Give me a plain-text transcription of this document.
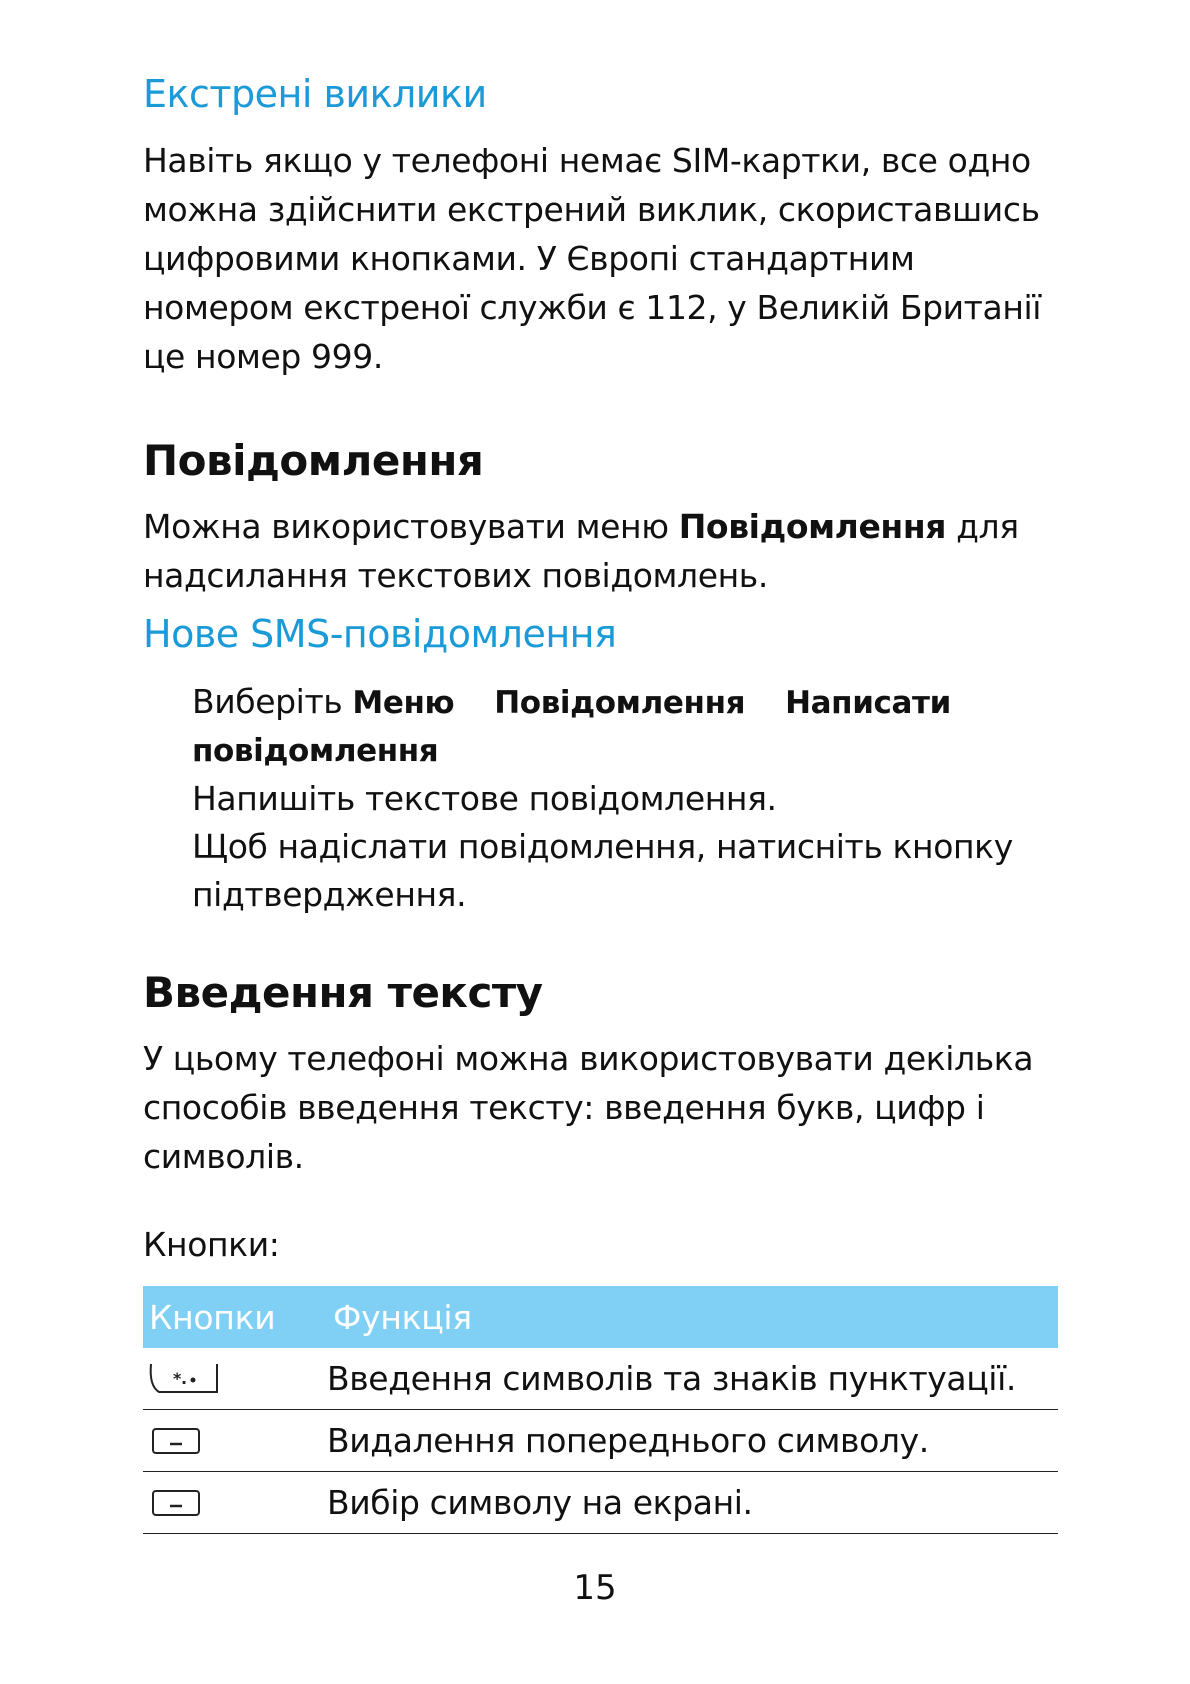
Екстрені виклики
Навіть якщо у телефоні немає SIM-картки, все одно
можна здійснити екстрений виклик, скориставшись
цифровими кнопками. У Європі стандартним
номером екстреної служби є 112, у Великій Британії
це номер 999.
Повідомлення
Можна використовувати меню Повідомлення для
надсилання текстових повідомлень.
Нове SMS-повідомлення
Виберіть Меню Повідомлення Написати
повідомлення
Напишіть текстове повідомлення.
Щоб надіслати повідомлення, натисніть кнопку
підтвердження.
Введення тексту
У цьому телефоні можна використовувати декілька
способів введення тексту: введення букв, цифр і
символів.
Кнопки:
Кнопки	Функція

*.	Введення символів та знаків пунктуації.

	Видалення попереднього символу.

	Вибір символу на екрані.

15
